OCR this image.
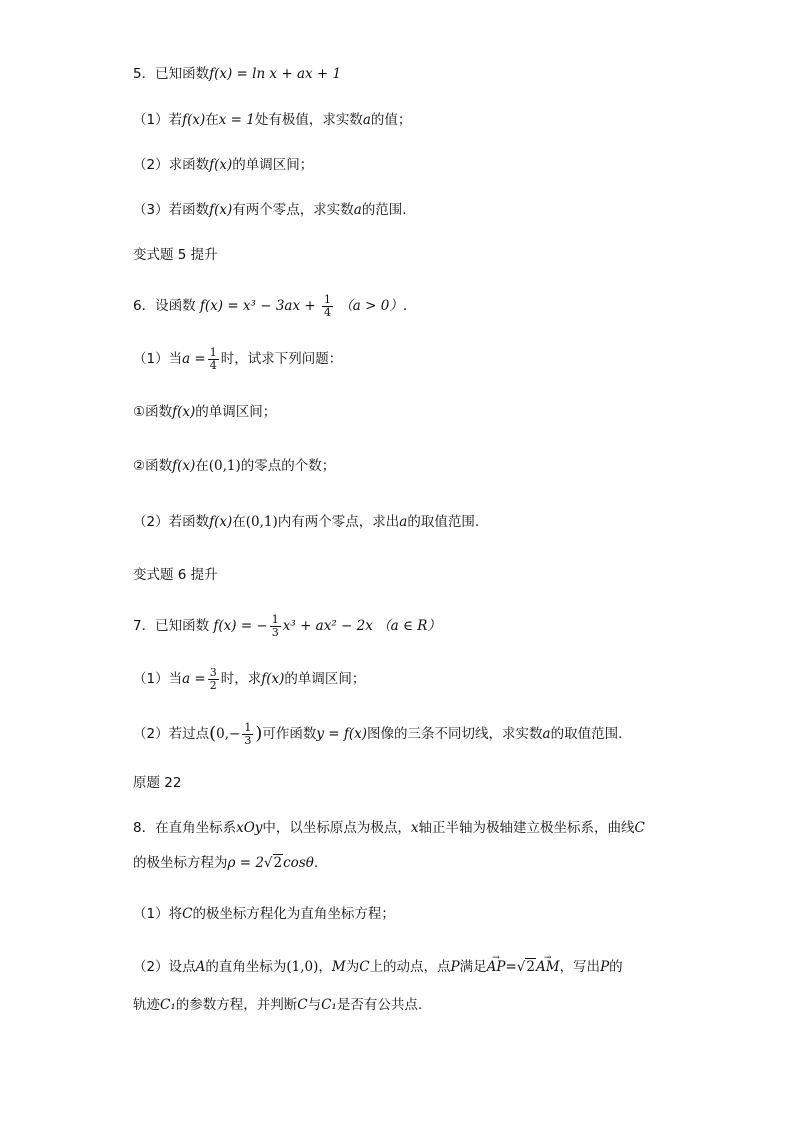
5．已知函数f(x) = ln x + ax + 1
（1）若f(x)在x = 1处有极值，求实数a的值；
（2）求函数f(x)的单调区间；
（3）若函数f(x)有两个零点，求实数a的范围.
变式题 5 提升
6．设函数 $f(x) = x^3 - 3ax + \frac{1}{4} (a > 0)$.
（1）当$a = \frac{1}{4}$ 时，试求下列问题：
①函数f(x)的单调区间；
②函数f(x)在(0,1)的零点的个数；
（2）若函数f(x)在(0,1)内有两个零点，求出a的取值范围.
变式题 6 提升
7．已知函数 f(x) = − $\frac{1}{3} x^3 + ax^2 - 2x$ （a ∈ R）
（1）当$a = \frac{3}{2}$ 时，求f(x)的单调区间；
（2）若过点($0,- \frac{1}{3}$ )可作函数y = f(x)图像的三条不同切线，求实数a的取值范围.
原题 22
8．在直角坐标系xOy中，以坐标原点为极点，x轴正半轴为极轴建立极坐标系，曲线C
的极坐标方程为ρ = 2√2cosθ.
（1）将C的极坐标方程化为直角坐标方程；
（2）设点A的直角坐标为(1,0)，M为C上的动点，点P满足→ AP=√2→ AM，写出P的
轨迹C₁的参数方程，并判断C与C₁是否有公共点.
